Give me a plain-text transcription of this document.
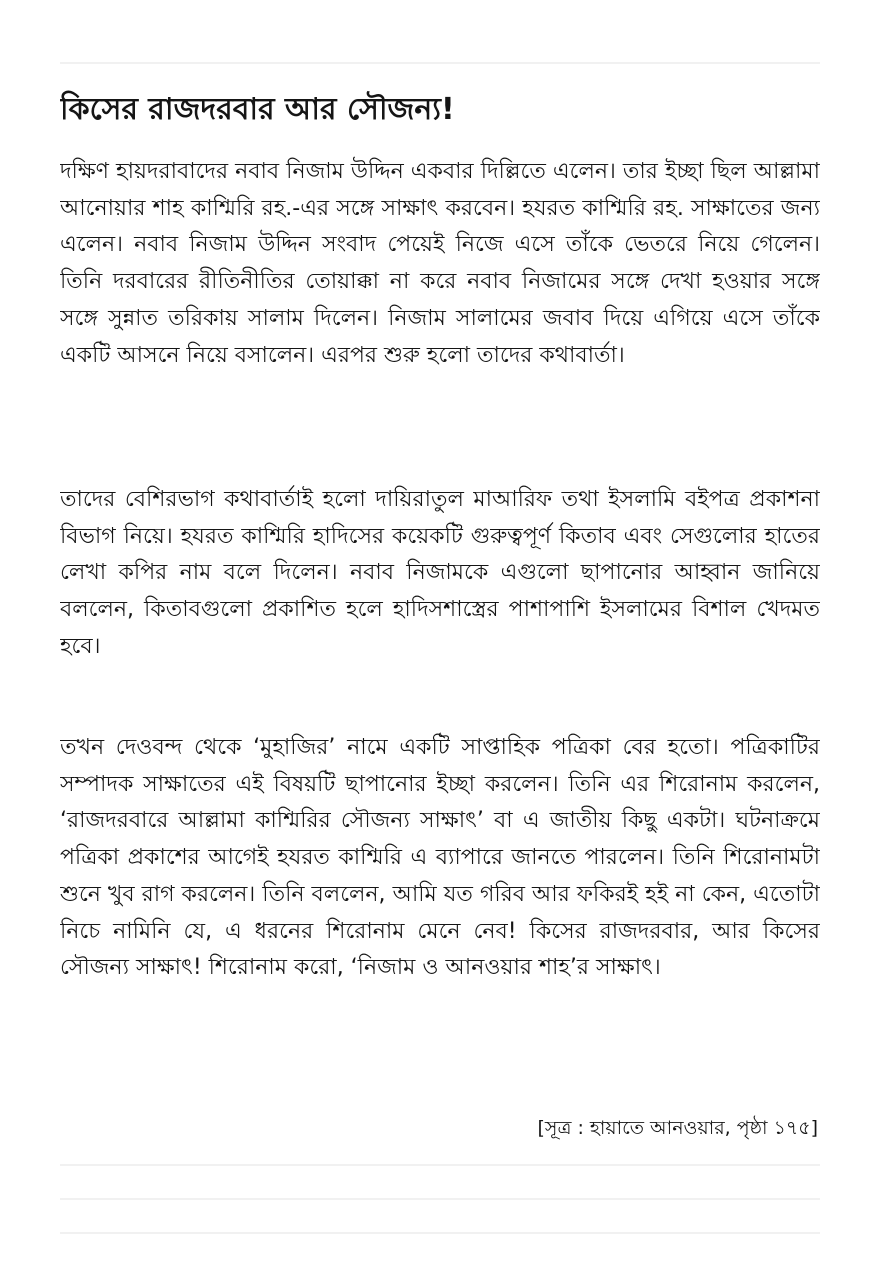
কিসের রাজদরবার আর সৌজন্য!

দক্ষিণ হায়দরাবাদের নবাব নিজাম উদ্দিন একবার দিল্লিতে এলেন। তার ইচ্ছা ছিল আল্লামা আনোয়ার শাহ কাশ্মিরি রহ.-এর সঙ্গে সাক্ষাৎ করবেন। হযরত কাশ্মিরি রহ. সাক্ষাতের জন্য এলেন। নবাব নিজাম উদ্দিন সংবাদ পেয়েই নিজে এসে তাঁকে ভেতরে নিয়ে গেলেন। তিনি দরবারের রীতিনীতির তোয়াক্কা না করে নবাব নিজামের সঙ্গে দেখা হওয়ার সঙ্গে সঙ্গে সুন্নাত তরিকায় সালাম দিলেন। নিজাম সালামের জবাব দিয়ে এগিয়ে এসে তাঁকে একটি আসনে নিয়ে বসালেন। এরপর শুরু হলো তাদের কথাবার্তা।

তাদের বেশিরভাগ কথাবার্তাই হলো দায়িরাতুল মাআরিফ তথা ইসলামি বইপত্র প্রকাশনা বিভাগ নিয়ে। হযরত কাশ্মিরি হাদিসের কয়েকটি গুরুত্বপূর্ণ কিতাব এবং সেগুলোর হাতের লেখা কপির নাম বলে দিলেন। নবাব নিজামকে এগুলো ছাপানোর আহ্বান জানিয়ে বললেন, কিতাবগুলো প্রকাশিত হলে হাদিসশাস্ত্রের পাশাপাশি ইসলামের বিশাল খেদমত হবে।

তখন দেওবন্দ থেকে ‘মুহাজির’ নামে একটি সাপ্তাহিক পত্রিকা বের হতো। পত্রিকাটির সম্পাদক সাক্ষাতের এই বিষয়টি ছাপানোর ইচ্ছা করলেন। তিনি এর শিরোনাম করলেন, ‘রাজদরবারে আল্লামা কাশ্মিরির সৌজন্য সাক্ষাৎ’ বা এ জাতীয় কিছু একটা। ঘটনাক্রমে পত্রিকা প্রকাশের আগেই হযরত কাশ্মিরি এ ব্যাপারে জানতে পারলেন। তিনি শিরোনামটা শুনে খুব রাগ করলেন। তিনি বললেন, আমি যত গরিব আর ফকিরই হই না কেন, এতোটা নিচে নামিনি যে, এ ধরনের শিরোনাম মেনে নেব! কিসের রাজদরবার, আর কিসের সৌজন্য সাক্ষাৎ! শিরোনাম করো, ‘নিজাম ও আনওয়ার শাহ’র সাক্ষাৎ।

[সূত্র : হায়াতে আনওয়ার, পৃষ্ঠা ১৭৫]
